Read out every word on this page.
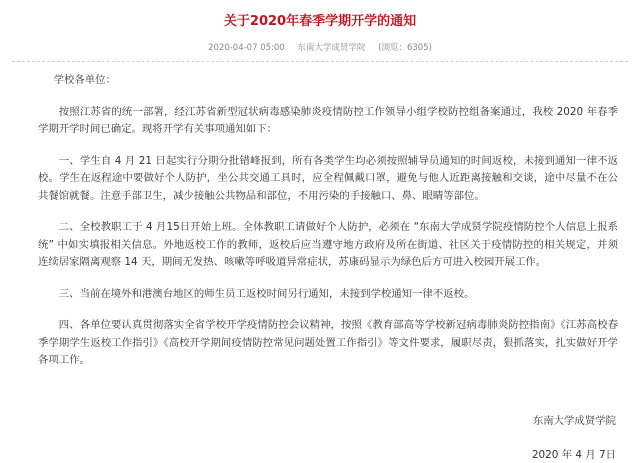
关于2020年春季学期开学的通知
2020-04-07 05:00 东南大学成贤学院 (浏览：6305)

学校各单位：

按照江苏省的统一部署，经江苏省新型冠状病毒感染肺炎疫情防控工作领导小组学校防控组备案通过，我校 2020 年春季学期开学时间已确定。现将开学有关事项通知如下：

一、学生自 4 月 21 日起实行分期分批错峰报到，所有各类学生均必须按照辅导员通知的时间返校，未接到通知一律不返校。学生在返程途中要做好个人防护，坐公共交通工具时，应全程佩戴口罩，避免与他人近距离接触和交谈，途中尽量不在公共餐馆就餐。注意手部卫生，减少接触公共物品和部位，不用污染的手接触口、鼻、眼睛等部位。

二、全校教职工于 4 月15日开始上班。全体教职工请做好个人防护，必须在 “东南大学成贤学院疫情防控个人信息上报系统” 中如实填报相关信息。外地返校工作的教师，返校后应当遵守地方政府及所在街道、社区关于疫情防控的相关规定，并须连续居家隔离观察 14 天，期间无发热、咳嗽等呼吸道异常症状，苏康码显示为绿色后方可进入校园开展工作。

三、当前在境外和港澳台地区的师生员工返校时间另行通知，未接到学校通知一律不返校。

四、各单位要认真贯彻落实全省学校开学疫情防控会议精神，按照《教育部高等学校新冠病毒肺炎防控指南》《江苏高校春季学期学生返校工作指引》《高校开学期间疫情防控常见问题处置工作指引》等文件要求，履职尽责，狠抓落实，扎实做好开学各项工作。

东南大学成贤学院
2020 年 4 月 7日
